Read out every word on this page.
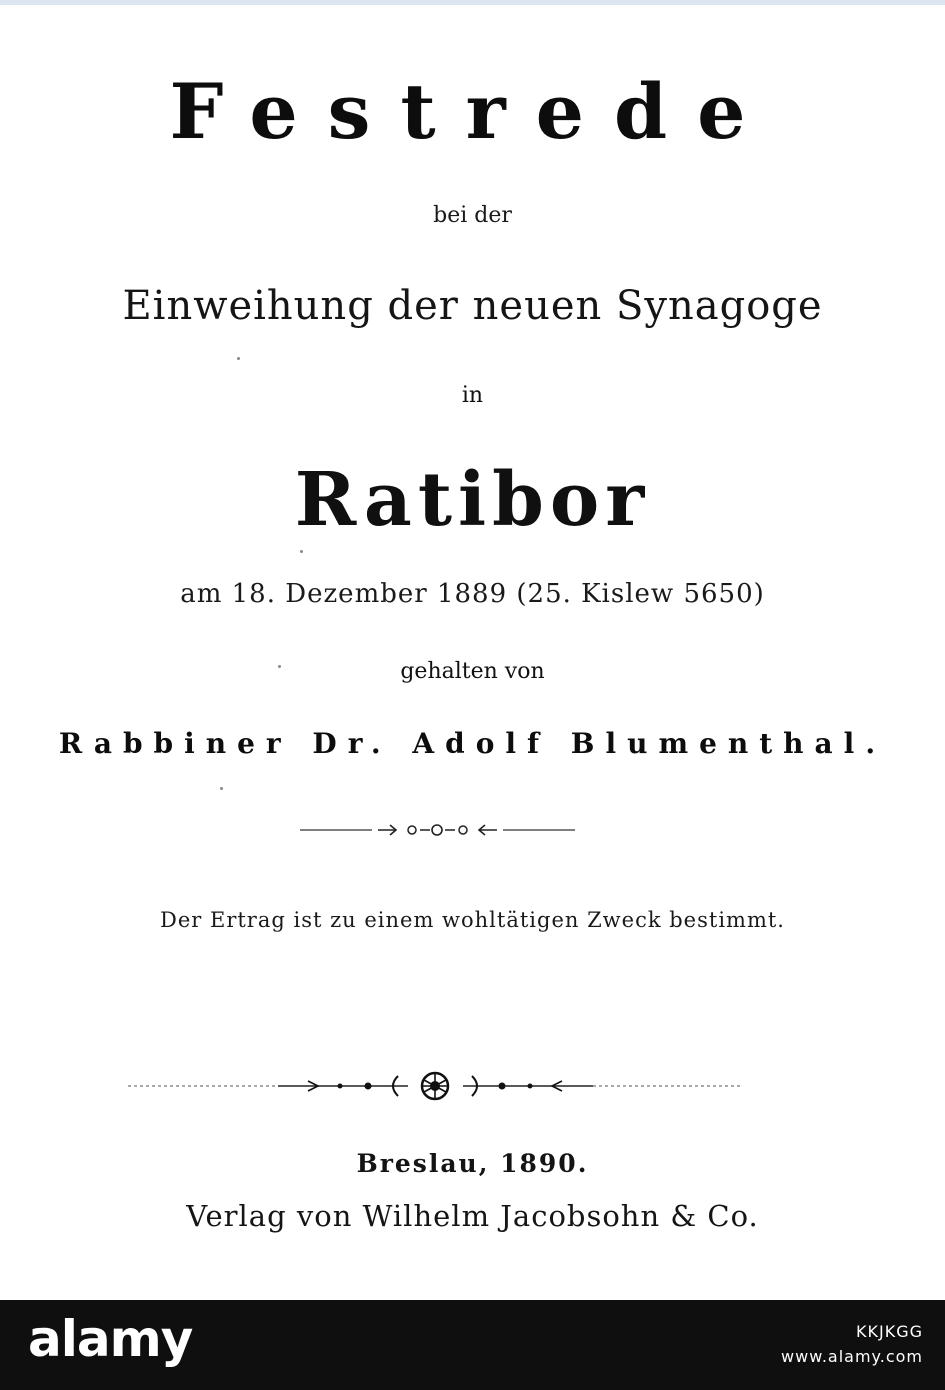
Festrede
bei der
Einweihung der neuen Synagoge
in
Ratibor
am 18. Dezember 1889 (25. Kislew 5650)
gehalten von
Rabbiner Dr. Adolf Blumenthal.
Der Ertrag ist zu einem wohltätigen Zweck bestimmt.
Breslau, 1890.
Verlag von Wilhelm Jacobsohn & Co.
alamy	KKJKGG
www.alamy.com
